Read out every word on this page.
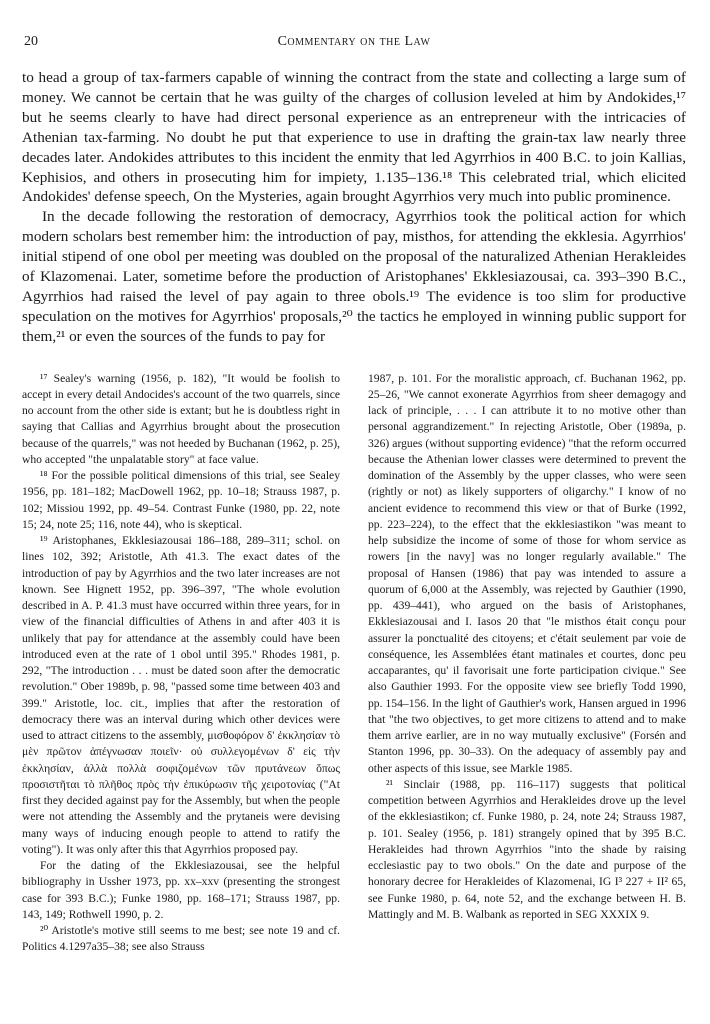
20	Commentary on the Law

to head a group of tax-farmers capable of winning the contract from the state and collecting a large sum of money. We cannot be certain that he was guilty of the charges of collusion leveled at him by Andokides,¹⁷ but he seems clearly to have had direct personal experience as an entrepreneur with the intricacies of Athenian tax-farming. No doubt he put that experience to use in drafting the grain-tax law nearly three decades later. Andokides attributes to this incident the enmity that led Agyrrhios in 400 B.C. to join Kallias, Kephisios, and others in prosecuting him for impiety, 1.135–136.¹⁸ This celebrated trial, which elicited Andokides' defense speech, On the Mysteries, again brought Agyrrhios very much into public prominence.

In the decade following the restoration of democracy, Agyrrhios took the political action for which modern scholars best remember him: the introduction of pay, misthos, for attending the ekklesia. Agyrrhios' initial stipend of one obol per meeting was doubled on the proposal of the naturalized Athenian Herakleides of Klazomenai. Later, sometime before the production of Aristophanes' Ekklesiazousai, ca. 393–390 B.C., Agyrrhios had raised the level of pay again to three obols.¹⁹ The evidence is too slim for productive speculation on the motives for Agyrrhios' proposals,²⁰ the tactics he employed in winning public support for them,²¹ or even the sources of the funds to pay for

¹⁷ Sealey's warning (1956, p. 182), "It would be foolish to accept in every detail Andocides's account of the two quarrels, since no account from the other side is extant; but he is doubtless right in saying that Callias and Agyrrhius brought about the prosecution because of the quarrels," was not heeded by Buchanan (1962, p. 25), who accepted "the unpalatable story" at face value.

¹⁸ For the possible political dimensions of this trial, see Sealey 1956, pp. 181–182; MacDowell 1962, pp. 10–18; Strauss 1987, p. 102; Missiou 1992, pp. 49–54. Contrast Funke (1980, pp. 22, note 15; 24, note 25; 116, note 44), who is skeptical.

¹⁹ Aristophanes, Ekklesiazousai 186–188, 289–311; schol. on lines 102, 392; Aristotle, Ath 41.3. The exact dates of the introduction of pay by Agyrrhios and the two later increases are not known. See Hignett 1952, pp. 396–397, "The whole evolution described in A. P. 41.3 must have occurred within three years, for in view of the financial difficulties of Athens in and after 403 it is unlikely that pay for attendance at the assembly could have been introduced even at the rate of 1 obol until 395." Rhodes 1981, p. 292, "The introduction . . . must be dated soon after the democratic revolution." Ober 1989b, p. 98, "passed some time between 403 and 399." Aristotle, loc. cit., implies that after the restoration of democracy there was an interval during which other devices were used to attract citizens to the assembly, μισθοφόρον δ' ἐκκλησίαν τὸ μὲν πρῶτον ἀπέγνωσαν ποιεῖν· οὐ συλλεγομένων δ' εἰς τὴν ἐκκλησίαν, ἀλλὰ πολλὰ σοφιζομένων τῶν πρυτάνεων ὅπως προσιστῆται τὸ πλῆθος πρὸς τὴν ἐπικύρωσιν τῆς χειροτονίας ("At first they decided against pay for the Assembly, but when the people were not attending the Assembly and the prytaneis were devising many ways of inducing enough people to attend to ratify the voting"). It was only after this that Agyrrhios proposed pay.

For the dating of the Ekklesiazousai, see the helpful bibliography in Ussher 1973, pp. xx–xxv (presenting the strongest case for 393 B.C.); Funke 1980, pp. 168–171; Strauss 1987, pp. 143, 149; Rothwell 1990, p. 2.

²⁰ Aristotle's motive still seems to me best; see note 19 and cf. Politics 4.1297a35–38; see also Strauss

1987, p. 101. For the moralistic approach, cf. Buchanan 1962, pp. 25–26, "We cannot exonerate Agyrrhios from sheer demagogy and lack of principle, . . . I can attribute it to no motive other than personal aggrandizement." In rejecting Aristotle, Ober (1989a, p. 326) argues (without supporting evidence) "that the reform occurred because the Athenian lower classes were determined to prevent the domination of the Assembly by the upper classes, who were seen (rightly or not) as likely supporters of oligarchy." I know of no ancient evidence to recommend this view or that of Burke (1992, pp. 223–224), to the effect that the ekklesiastikon "was meant to help subsidize the income of some of those for whom service as rowers [in the navy] was no longer regularly available." The proposal of Hansen (1986) that pay was intended to assure a quorum of 6,000 at the Assembly, was rejected by Gauthier (1990, pp. 439–441), who argued on the basis of Aristophanes, Ekklesiazousai and I. Iasos 20 that "le misthos était conçu pour assurer la ponctualité des citoyens; et c'était seulement par voie de conséquence, les Assemblées étant matinales et courtes, donc peu accaparantes, qu' il favorisait une forte participation civique." See also Gauthier 1993. For the opposite view see briefly Todd 1990, pp. 154–156. In the light of Gauthier's work, Hansen argued in 1996 that "the two objectives, to get more citizens to attend and to make them arrive earlier, are in no way mutually exclusive" (Forsén and Stanton 1996, pp. 30–33). On the adequacy of assembly pay and other aspects of this issue, see Markle 1985.

²¹ Sinclair (1988, pp. 116–117) suggests that political competition between Agyrrhios and Herakleides drove up the level of the ekklesiastikon; cf. Funke 1980, p. 24, note 24; Strauss 1987, p. 101. Sealey (1956, p. 181) strangely opined that by 395 B.C. Herakleides had thrown Agyrrhios "into the shade by raising ecclesiastic pay to two obols." On the date and purpose of the honorary decree for Herakleides of Klazomenai, IG I³ 227 + II² 65, see Funke 1980, p. 64, note 52, and the exchange between H. B. Mattingly and M. B. Walbank as reported in SEG XXXIX 9.
